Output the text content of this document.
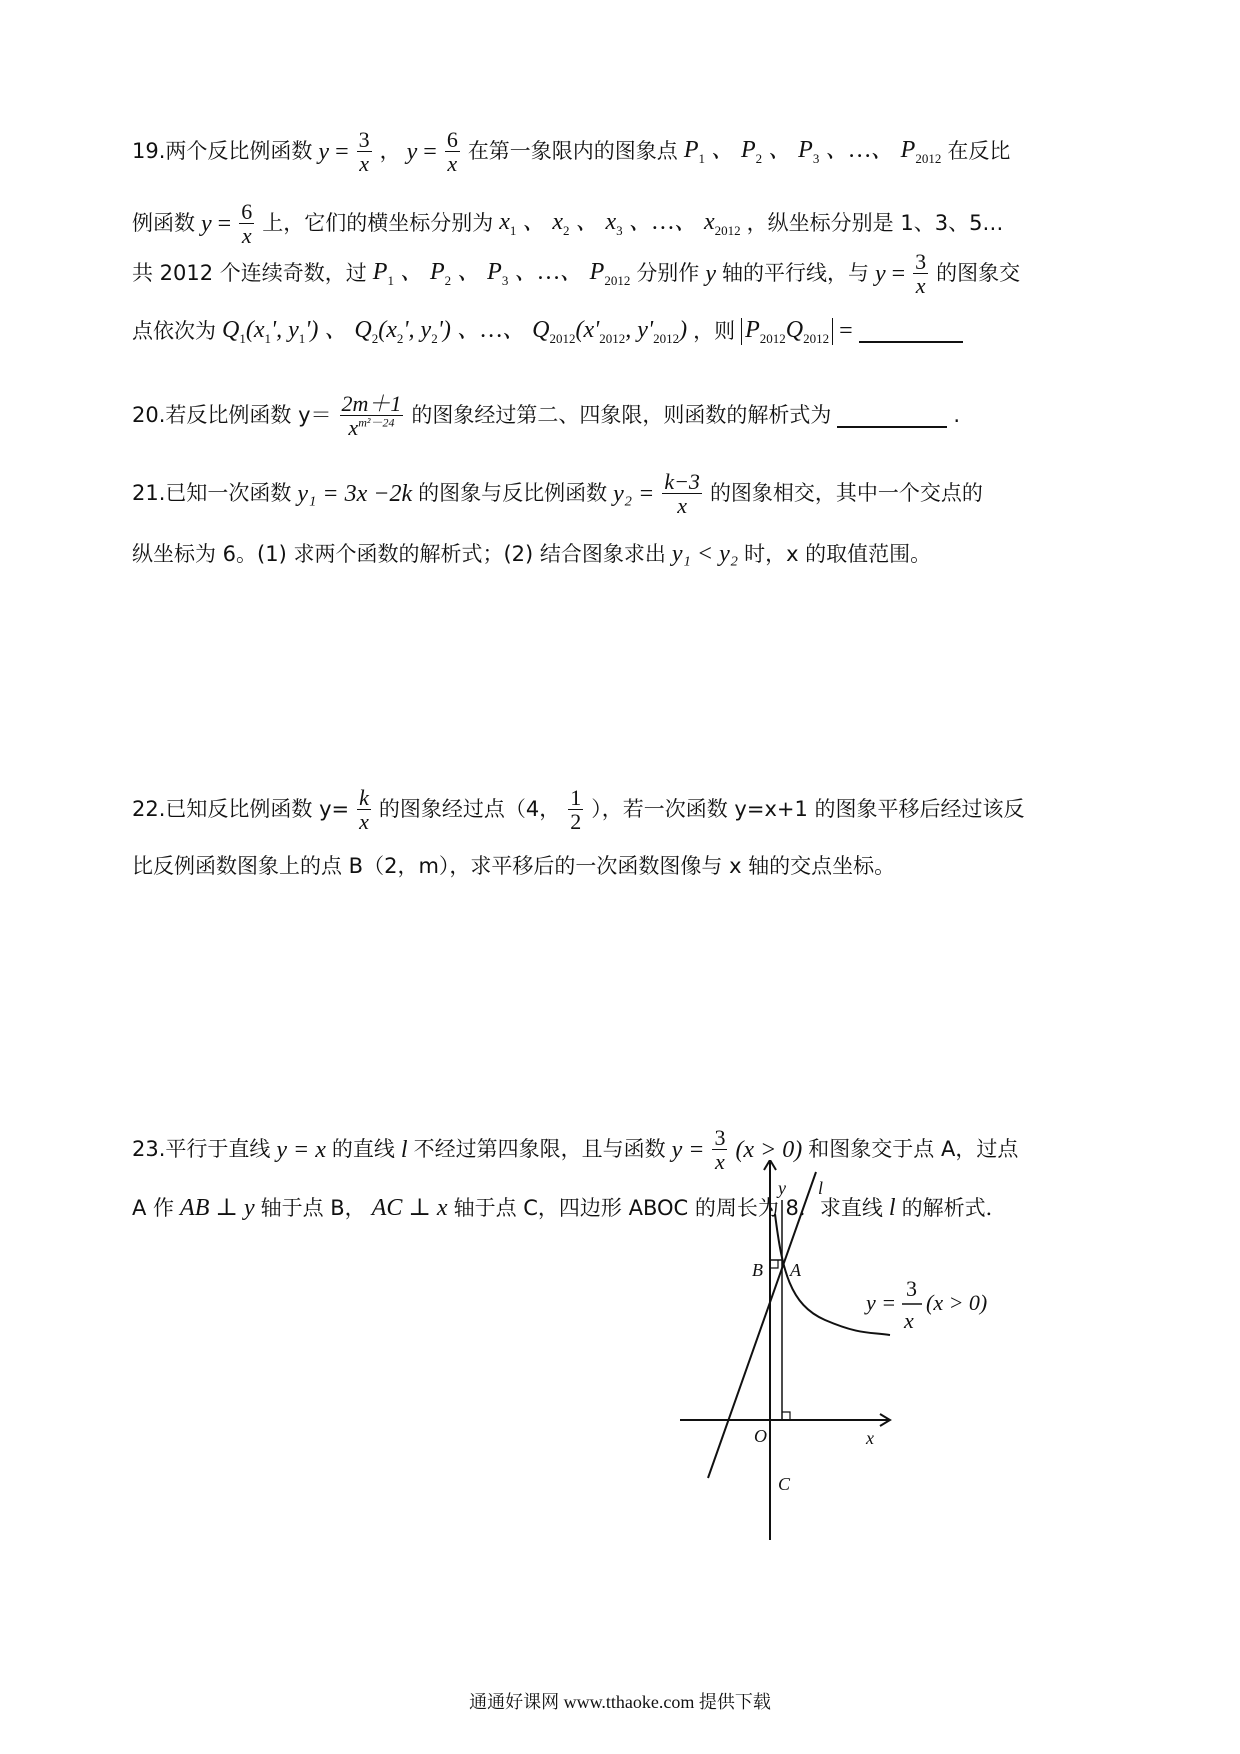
19.两个反比例函数 $y = \frac{3}{x}$ ， $y = \frac{6}{x}$ 在第一象限内的图象点 $P_1$ 、 $P_2$ 、 $P_3$ 、…、 $P_{2012}$ 在反比
例函数 $y = \frac{6}{x}$ 上，它们的横坐标分别为 $x_1$ 、 $x_2$ 、 $x_3$ 、…、 $x_{2012}$ ，纵坐标分别是 1、3、5…
共 2012 个连续奇数，过 $P_1$ 、 $P_2$ 、 $P_3$ 、…、 $P_{2012}$ 分别作 y 轴的平行线，与 $y = \frac{3}{x}$ 的图象交
点依次为 $Q_1(x_1'$, $y_1'$) 、 $Q_2(x_2'$, $y_2'$) 、…、 $Q_{2012}(x'_{2012}$, $y'_{2012}$) ，则 $P_{2012}Q_{2012}$ =
20.若反比例函数 $y= \frac{2m+1}{x^{m^2-24}}$ 的图象经过第二、四象限，则函数的解析式为	.
21.已知一次函数 y₁ = 3x −2k 的图象与反比例函数 $y_2 = \frac{k-3}{x}$ 的图象相交，其中一个交点的
纵坐标为 6。(1) 求两个函数的解析式；(2) 结合图象求出 y₁ < y₂ 时，x 的取值范围。
22.已知反比例函数 $y= \frac{k}{x}$ 的图象经过点（4， $\frac{1}{2}$ ），若一次函数 y=x+1 的图象平移后经过该反
比反例函数图象上的点 B（2，m），求平移后的一次函数图像与 x 轴的交点坐标。
23.平行于直线 y = x 的直线 l 不经过第四象限，且与函数 $y = \frac{3}{x} (x > 0)$ 和图象交于点 A，过点
A 作 AB ⊥ y 轴于点 B， AC ⊥ x 轴于点 C，四边形 ABOC 的周长为 8．求直线 l 的解析式．
y l
B A
O	x
C
y =
3
x
(x > 0)
通通好课网 www.tthaoke.com 提供下载
